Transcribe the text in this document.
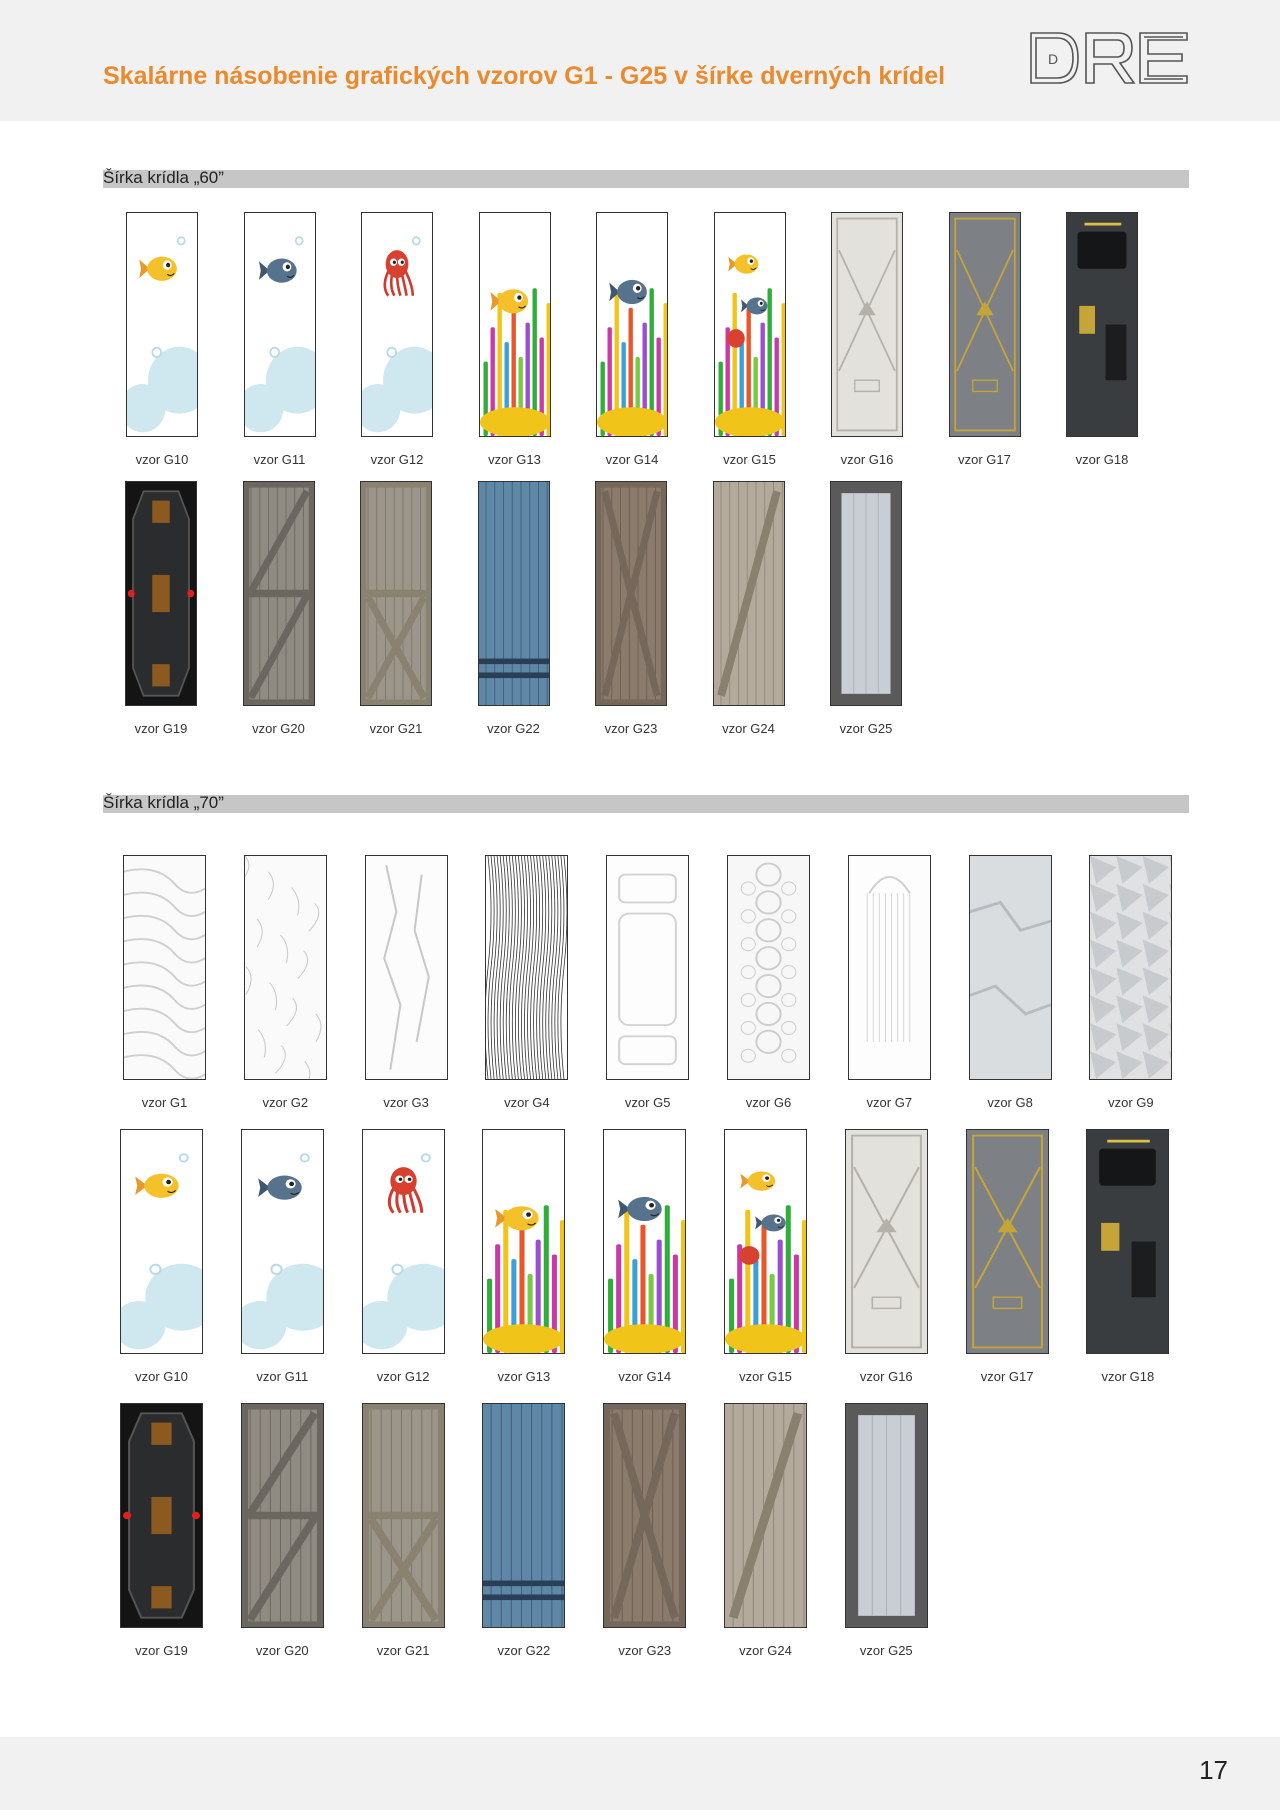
Skalárne násobenie grafických vzorov G1 - G25 v šírke dverných krídel
D
Šírka krídla „60”
vzor G10	vzor G11	vzor G12	vzor G13	vzor G14	vzor G15	vzor G16	vzor G17	vzor G18
vzor G19	vzor G20	vzor G21	vzor G22	vzor G23	vzor G24	vzor G25
Šírka krídla „70”
vzor G1	vzor G2	vzor G3	vzor G4	vzor G5	vzor G6	vzor G7	vzor G8	vzor G9
vzor G10	vzor G11	vzor G12	vzor G13	vzor G14	vzor G15	vzor G16	vzor G17	vzor G18
vzor G19	vzor G20	vzor G21	vzor G22	vzor G23	vzor G24	vzor G25
17
